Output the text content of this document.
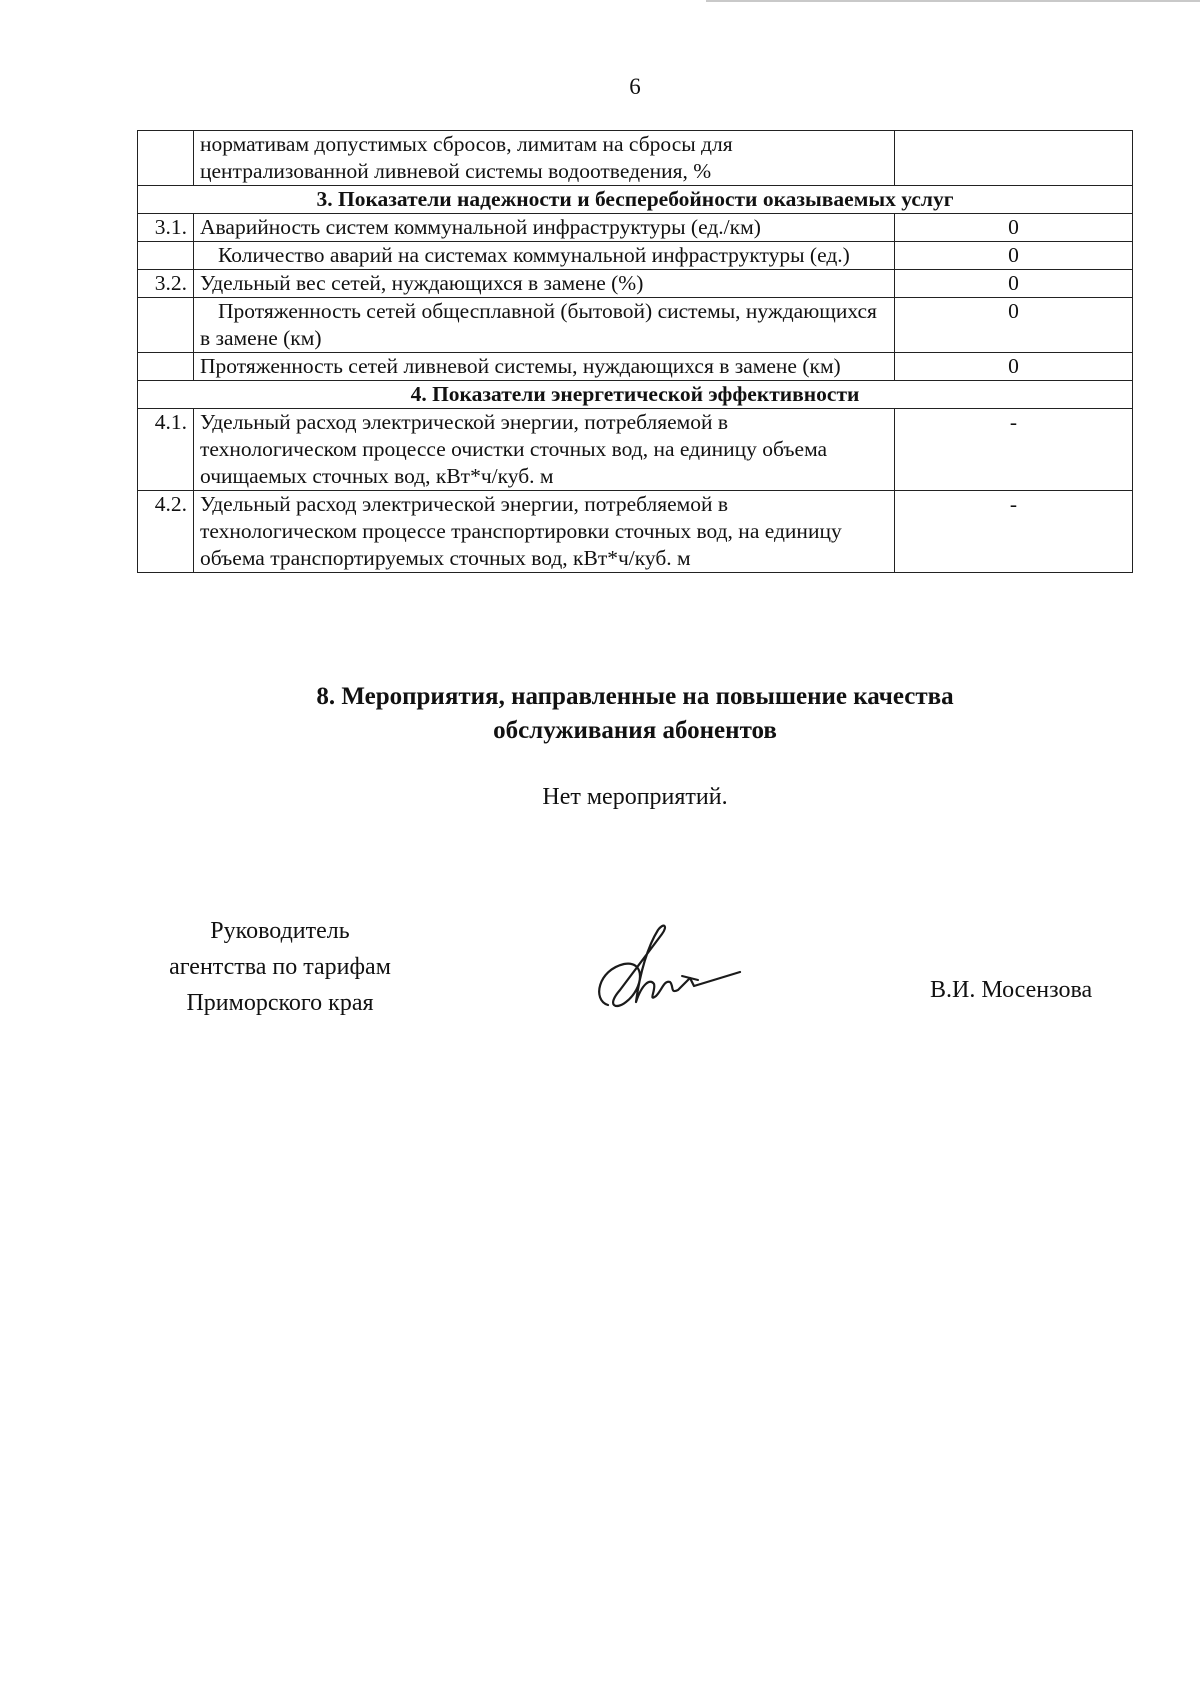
6
	нормативам допустимых сбросов, лимитам на сбросы для централизованной ливневой системы водоотведения, %	
3. Показатели надежности и бесперебойности оказываемых услуг		
3.1.	Аварийность систем коммунальной инфраструктуры (ед./км)	0
	Количество аварий на системах коммунальной инфраструктуры (ед.)	0
3.2.	Удельный вес сетей, нуждающихся в замене (%)	0
	Протяженность сетей общесплавной (бытовой) системы, нуждающихся в замене (км)	0
	Протяженность сетей ливневой системы, нуждающихся в замене (км)	0
4. Показатели энергетической эффективности		
4.1.	Удельный расход электрической энергии, потребляемой в технологическом процессе очистки сточных вод, на единицу объема очищаемых сточных вод, кВт*ч/куб. м	-
4.2.	Удельный расход электрической энергии, потребляемой в технологическом процессе транспортировки сточных вод, на единицу объема транспортируемых сточных вод, кВт*ч/куб. м	-
8. Мероприятия, направленные на повышение качества
обслуживания абонентов
Нет мероприятий.
Руководитель
агентства по тарифам
Приморского края	В.И. Мосензова
